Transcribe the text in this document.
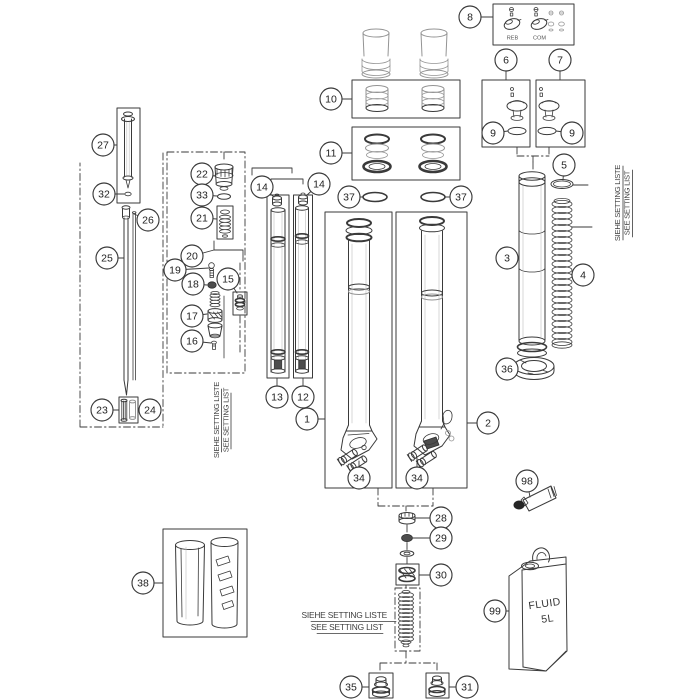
REB	COM
SIEHE SETTING LISTE SEE SETTING LIST
SIEHE SETTING LISTE SEE SETTING LIST
SIEHE SETTING LISTE
SEE SETTING LIST
FLUID
5L
8
6	7
9	9
5
10
11
37	37
3
4
36
27
32
26
25
23	24
22
33
21
20
19
18 15
17
16
14	14
13 12
1	2
34	34
28
29
30
35	31
38
98
99
